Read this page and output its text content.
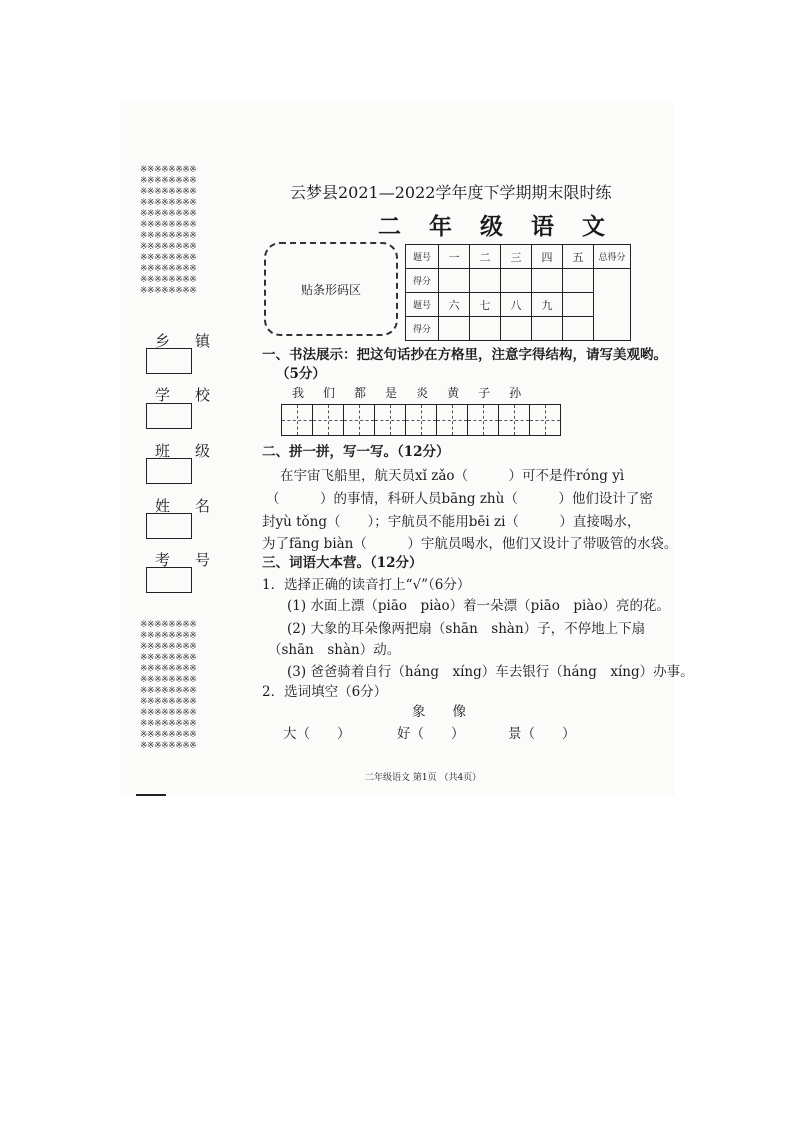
※※※※※※※※
※※※※※※※※
※※※※※※※※
※※※※※※※※
※※※※※※※※
※※※※※※※※
※※※※※※※※
※※※※※※※※
※※※※※※※※
※※※※※※※※
※※※※※※※※
※※※※※※※※
※※※※※※※※
※※※※※※※※
※※※※※※※※
※※※※※※※※
※※※※※※※※
※※※※※※※※
※※※※※※※※
※※※※※※※※
※※※※※※※※
※※※※※※※※
※※※※※※※※
※※※※※※※※
乡 镇
学 校
班 级
姓 名
考 号
云梦县2021—2022学年度下学期期末限时练
二 年 级 语 文
贴条形码区
题号	一	二	三	四	五	总得分
得分						
题号	六	七	八	九		
得分						
一、书法展示：把这句话抄在方格里，注意字得结构，请写美观哟。
（5分）
我 们 都 是 炎 黄 子 孙
二、拼一拼，写一写。（12分）
在宇宙飞船里，航天员xǐ zǎo（　　　）可不是件róng yì
（　　　）的事情，科研人员bāng zhù（　　　）他们设计了密
封yù tǒng（　　）；宇航员不能用bēi zi（　　　）直接喝水，
为了fāng biàn（　　　）宇航员喝水，他们又设计了带吸管的水袋。
三、词语大本营。（12分）
1．选择正确的读音打上“√”（6分）
(1) 水面上漂（piāo　piào）着一朵漂（piāo　piào）亮的花。
(2) 大象的耳朵像两把扇（shān　shàn）子，不停地上下扇
（shān　shàn）动。
(3) 爸爸骑着自行（háng　xíng）车去银行（háng　xíng）办事。
2．选词填空（6分）
象　　像
大（　　）	好（　　）	景（　　）
二年级语文 第1页 （共4页）
